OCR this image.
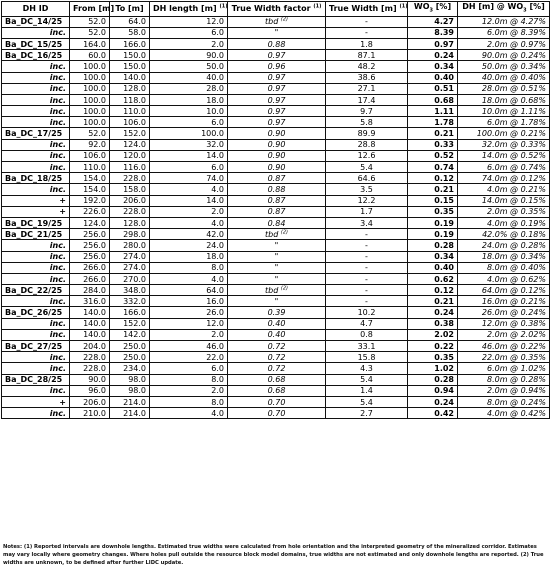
DH ID	From [m]	To [m]	DH length [m] $^{(1)}$	True Width factor $^{(1)}$	True Width [m] $^{(1)}$	$WO_3$ [%]	DH [m] @ $WO_3$ [%]
Ba_DC_14/25	52.0	64.0	12.0	tbd $^{(2)}$	-	4.27	12.0m @ 4.27%
inc.	52.0	58.0	6.0	"	-	8.39	6.0m @ 8.39%
Ba_DC_15/25	164.0	166.0	2.0	0.88	1.8	0.97	2.0m @ 0.97%
Ba_DC_16/25	60.0	150.0	90.0	0.97	87.1	0.24	90.0m @ 0.24%
inc.	100.0	150.0	50.0	0.96	48.2	0.34	50.0m @ 0.34%
inc.	100.0	140.0	40.0	0.97	38.6	0.40	40.0m @ 0.40%
inc.	100.0	128.0	28.0	0.97	27.1	0.51	28.0m @ 0.51%
inc.	100.0	118.0	18.0	0.97	17.4	0.68	18.0m @ 0.68%
inc.	100.0	110.0	10.0	0.97	9.7	1.11	10.0m @ 1.11%
inc.	100.0	106.0	6.0	0.97	5.8	1.78	6.0m @ 1.78%
Ba_DC_17/25	52.0	152.0	100.0	0.90	89.9	0.21	100.0m @ 0.21%
inc.	92.0	124.0	32.0	0.90	28.8	0.33	32.0m @ 0.33%
inc.	106.0	120.0	14.0	0.90	12.6	0.52	14.0m @ 0.52%
inc.	110.0	116.0	6.0	0.90	5.4	0.74	6.0m @ 0.74%
Ba_DC_18/25	154.0	228.0	74.0	0.87	64.6	0.12	74.0m @ 0.12%
inc.	154.0	158.0	4.0	0.88	3.5	0.21	4.0m @ 0.21%
+	192.0	206.0	14.0	0.87	12.2	0.15	14.0m @ 0.15%
+	226.0	228.0	2.0	0.87	1.7	0.35	2.0m @ 0.35%
Ba_DC_19/25	124.0	128.0	4.0	0.84	3.4	0.19	4.0m @ 0.19%
Ba_DC_21/25	256.0	298.0	42.0	tbd $^{(2)}$	-	0.19	42.0% @ 0.18%
inc.	256.0	280.0	24.0	"	-	0.28	24.0m @ 0.28%
inc.	256.0	274.0	18.0	"	-	0.34	18.0m @ 0.34%
inc.	266.0	274.0	8.0	"	-	0.40	8.0m @ 0.40%
inc.	266.0	270.0	4.0	"	-	0.62	4.0m @ 0.62%
Ba_DC_22/25	284.0	348.0	64.0	tbd $^{(2)}$	-	0.12	64.0m @ 0.12%
inc.	316.0	332.0	16.0	"	-	0.21	16.0m @ 0.21%
Ba_DC_26/25	140.0	166.0	26.0	0.39	10.2	0.24	26.0m @ 0.24%
inc.	140.0	152.0	12.0	0.40	4.7	0.38	12.0m @ 0.38%
inc.	140.0	142.0	2.0	0.40	0.8	2.02	2.0m @ 2.02%
Ba_DC_27/25	204.0	250.0	46.0	0.72	33.1	0.22	46.0m @ 0.22%
inc.	228.0	250.0	22.0	0.72	15.8	0.35	22.0m @ 0.35%
inc.	228.0	234.0	6.0	0.72	4.3	1.02	6.0m @ 1.02%
Ba_DC_28/25	90.0	98.0	8.0	0.68	5.4	0.28	8.0m @ 0.28%
inc.	96.0	98.0	2.0	0.68	1.4	0.94	2.0m @ 0.94%
+	206.0	214.0	8.0	0.70	5.4	0.24	8.0m @ 0.24%
inc.	210.0	214.0	4.0	0.70	2.7	0.42	4.0m @ 0.42%
Notes: (1) Reported intervals are downhole lengths. Estimated true widths were calculated from hole orientation and the interpreted geometry of the mineralized corridor. Estimates may vary locally where geometry changes. Where holes pull outside the resource block model domains, true widths are not estimated and only downhole lengths are reported. (2) True widths are unknown, to be defined after further LIDC update.
